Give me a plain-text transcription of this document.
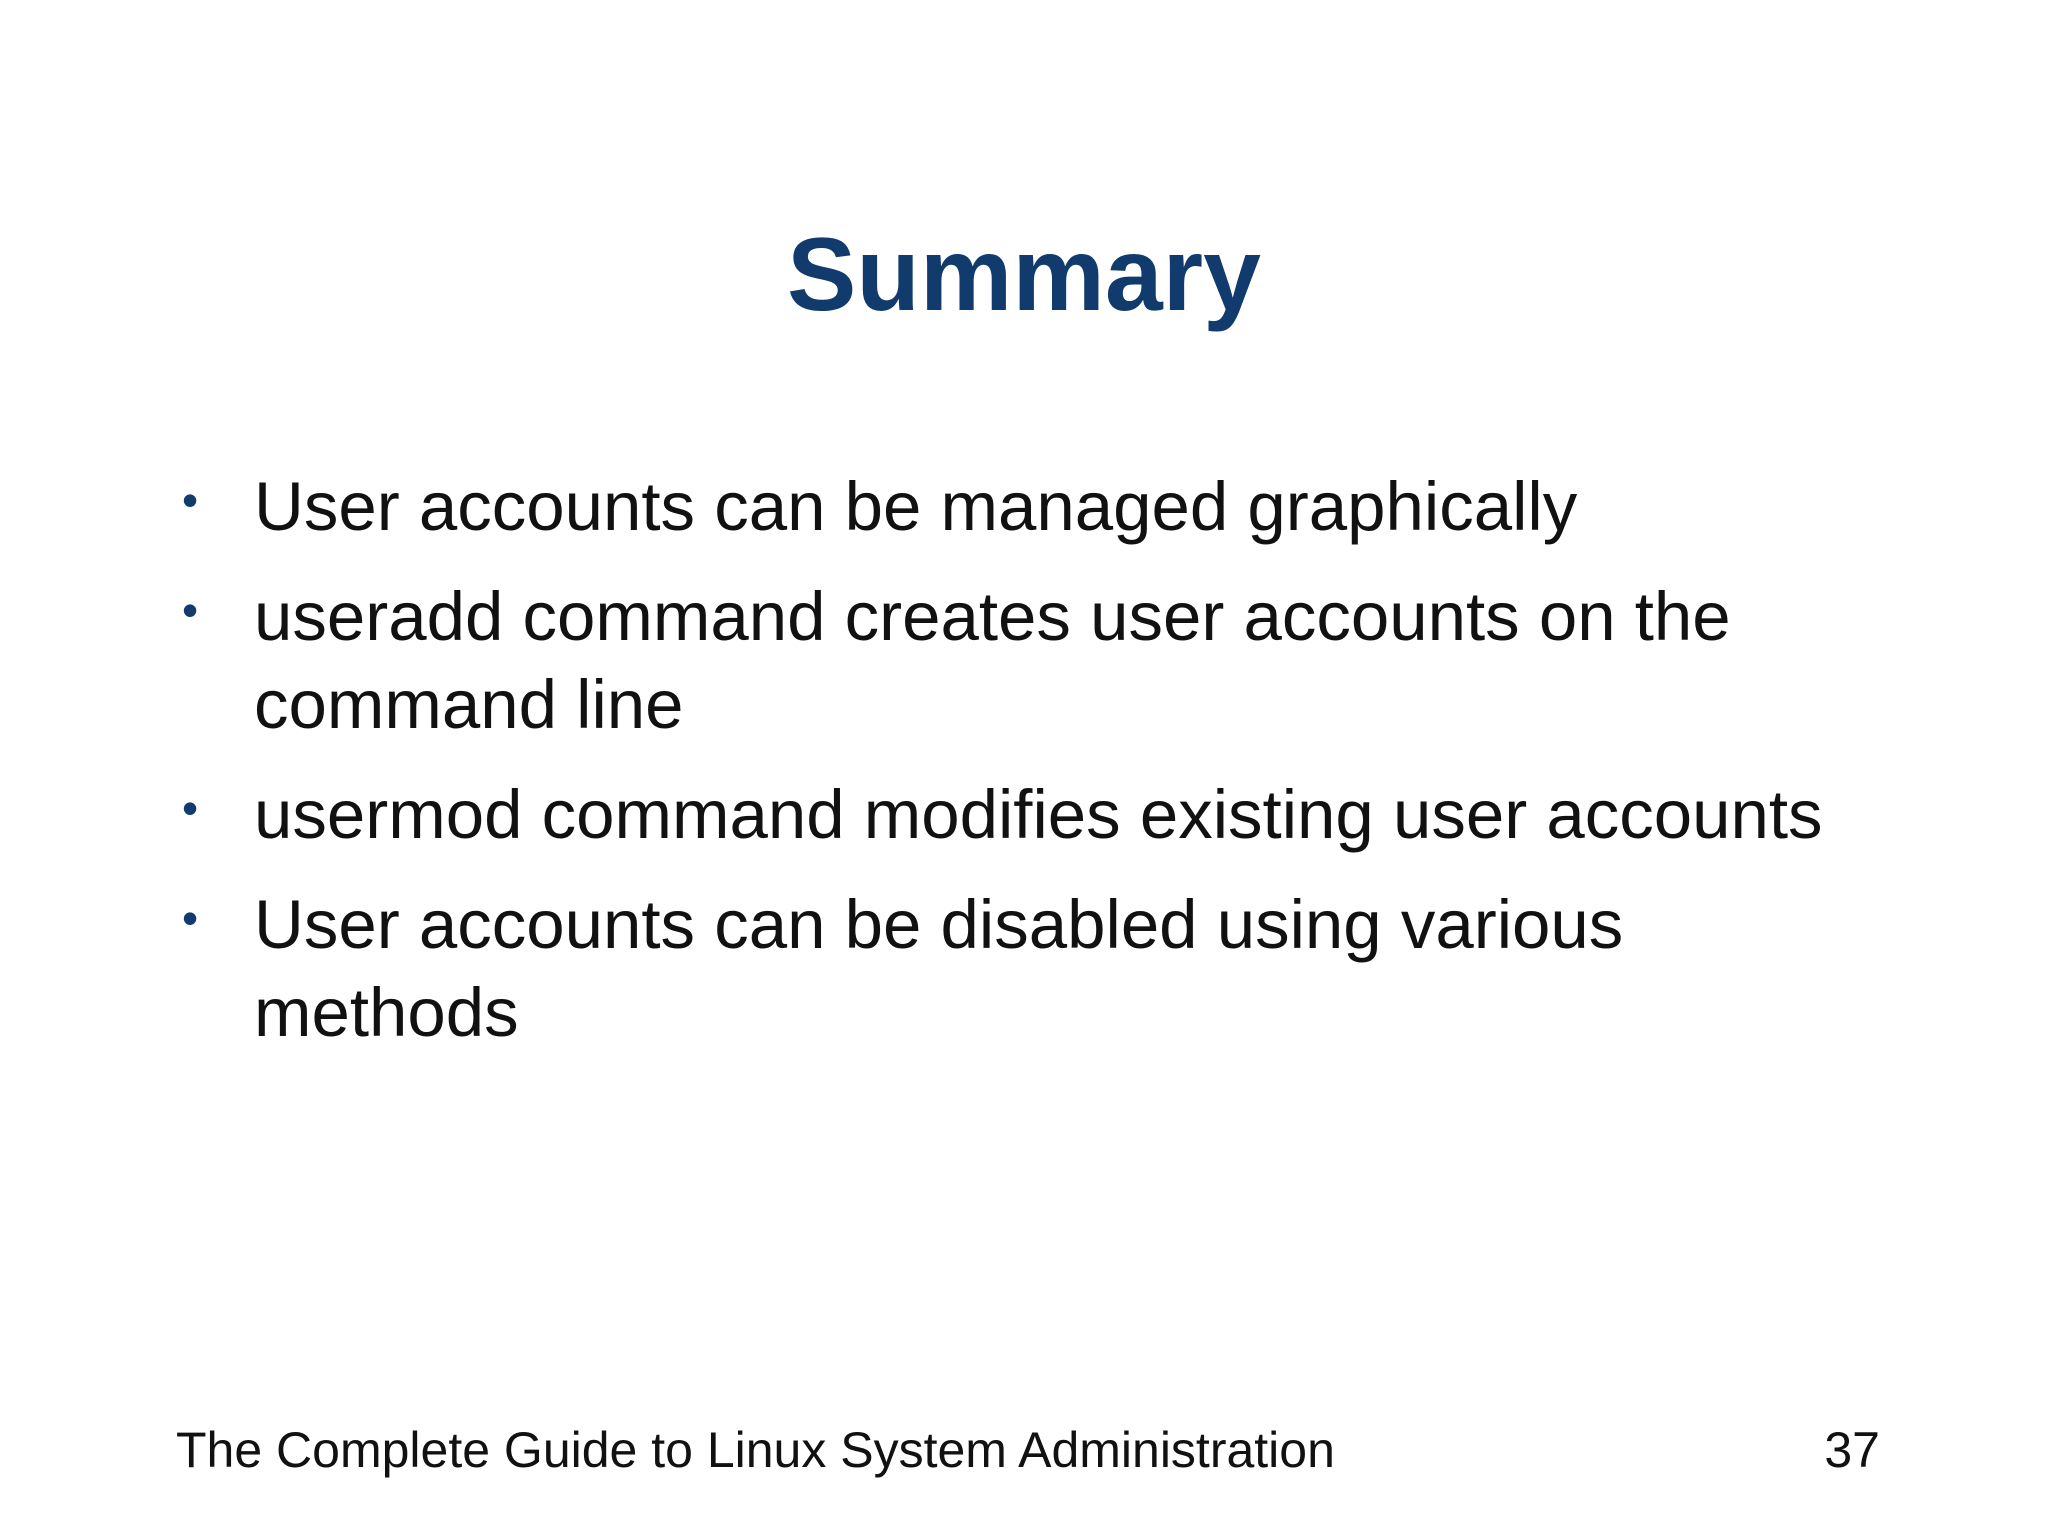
Summary
• User accounts can be managed graphically
• useradd command creates user accounts on the command line
• usermod command modifies existing user accounts
• User accounts can be disabled using various methods
The Complete Guide to Linux System Administration	37
